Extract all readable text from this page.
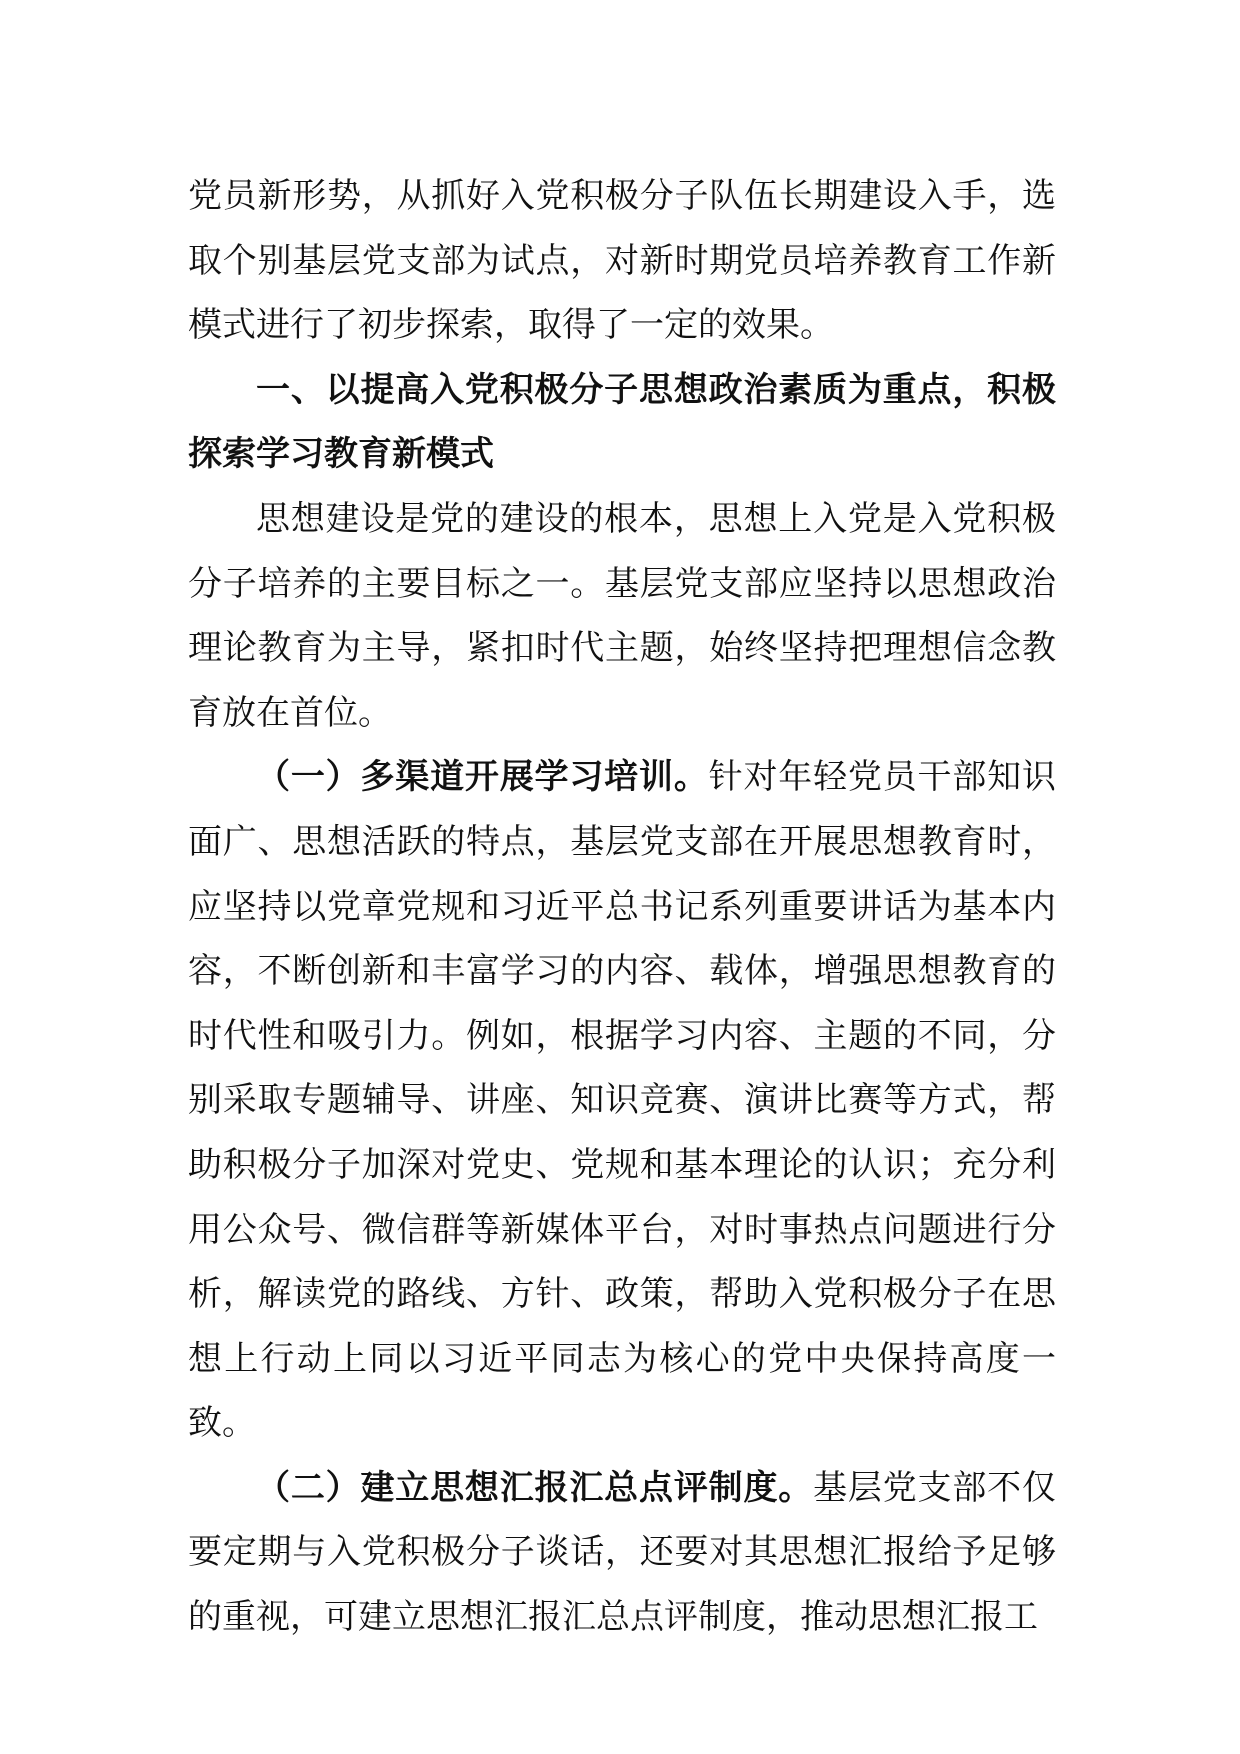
党员新形势，从抓好入党积极分子队伍长期建设入手，选取个别基层党支部为试点，对新时期党员培养教育工作新模式进行了初步探索，取得了一定的效果。

一、以提高入党积极分子思想政治素质为重点，积极探索学习教育新模式

思想建设是党的建设的根本，思想上入党是入党积极分子培养的主要目标之一。基层党支部应坚持以思想政治理论教育为主导，紧扣时代主题，始终坚持把理想信念教育放在首位。

（一）多渠道开展学习培训。针对年轻党员干部知识面广、思想活跃的特点，基层党支部在开展思想教育时，应坚持以党章党规和习近平总书记系列重要讲话为基本内容，不断创新和丰富学习的内容、载体，增强思想教育的时代性和吸引力。例如，根据学习内容、主题的不同，分别采取专题辅导、讲座、知识竞赛、演讲比赛等方式，帮助积极分子加深对党史、党规和基本理论的认识；充分利用公众号、微信群等新媒体平台，对时事热点问题进行分析，解读党的路线、方针、政策，帮助入党积极分子在思想上行动上同以习近平同志为核心的党中央保持高度一致。

（二）建立思想汇报汇总点评制度。基层党支部不仅要定期与入党积极分子谈话，还要对其思想汇报给予足够的重视，可建立思想汇报汇总点评制度，推动思想汇报工
